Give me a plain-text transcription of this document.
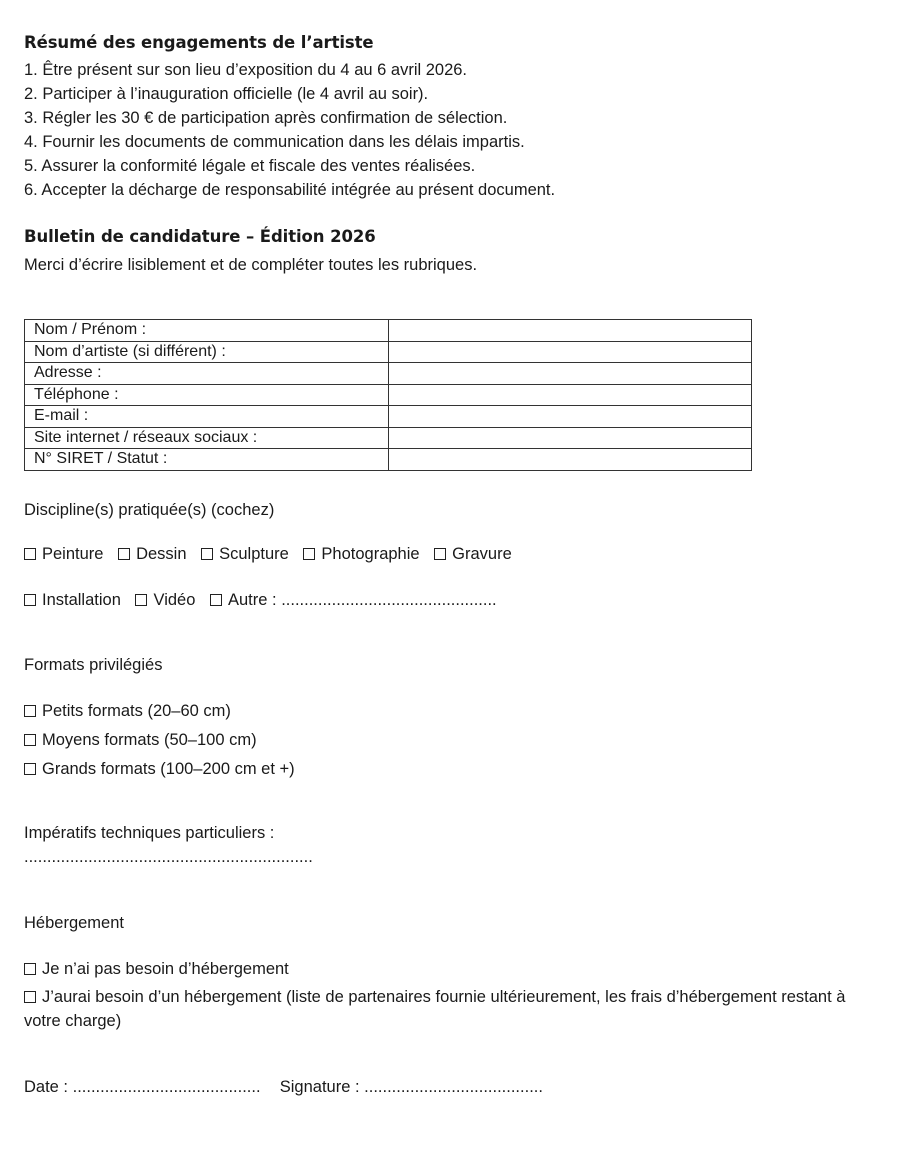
Résumé des engagements de l’artiste
1. Être présent sur son lieu d’exposition du 4 au 6 avril 2026.
2. Participer à l’inauguration officielle (le 4 avril au soir).
3. Régler les 30 € de participation après confirmation de sélection.
4. Fournir les documents de communication dans les délais impartis.
5. Assurer la conformité légale et fiscale des ventes réalisées.
6. Accepter la décharge de responsabilité intégrée au présent document.
Bulletin de candidature – Édition 2026
Merci d’écrire lisiblement et de compléter toutes les rubriques.
Nom / Prénom :	
Nom d’artiste (si différent) :	
Adresse :	
Téléphone :	
E-mail :	
Site internet / réseaux sociaux :	
N° SIRET / Statut :	
Discipline(s) pratiquée(s) (cochez)
Peinture Dessin Sculpture Photographie Gravure
Installation Vidéo Autre : ...............................................
Formats privilégiés
Petits formats (20–60 cm)
Moyens formats (50–100 cm)
Grands formats (100–200 cm et +)
Impératifs techniques particuliers :
...............................................................
Hébergement
Je n’ai pas besoin d’hébergement
J’aurai besoin d’un hébergement (liste de partenaires fournie ultérieurement, les frais d’hébergement restant à votre charge)
Date : ......................................... Signature : .......................................
